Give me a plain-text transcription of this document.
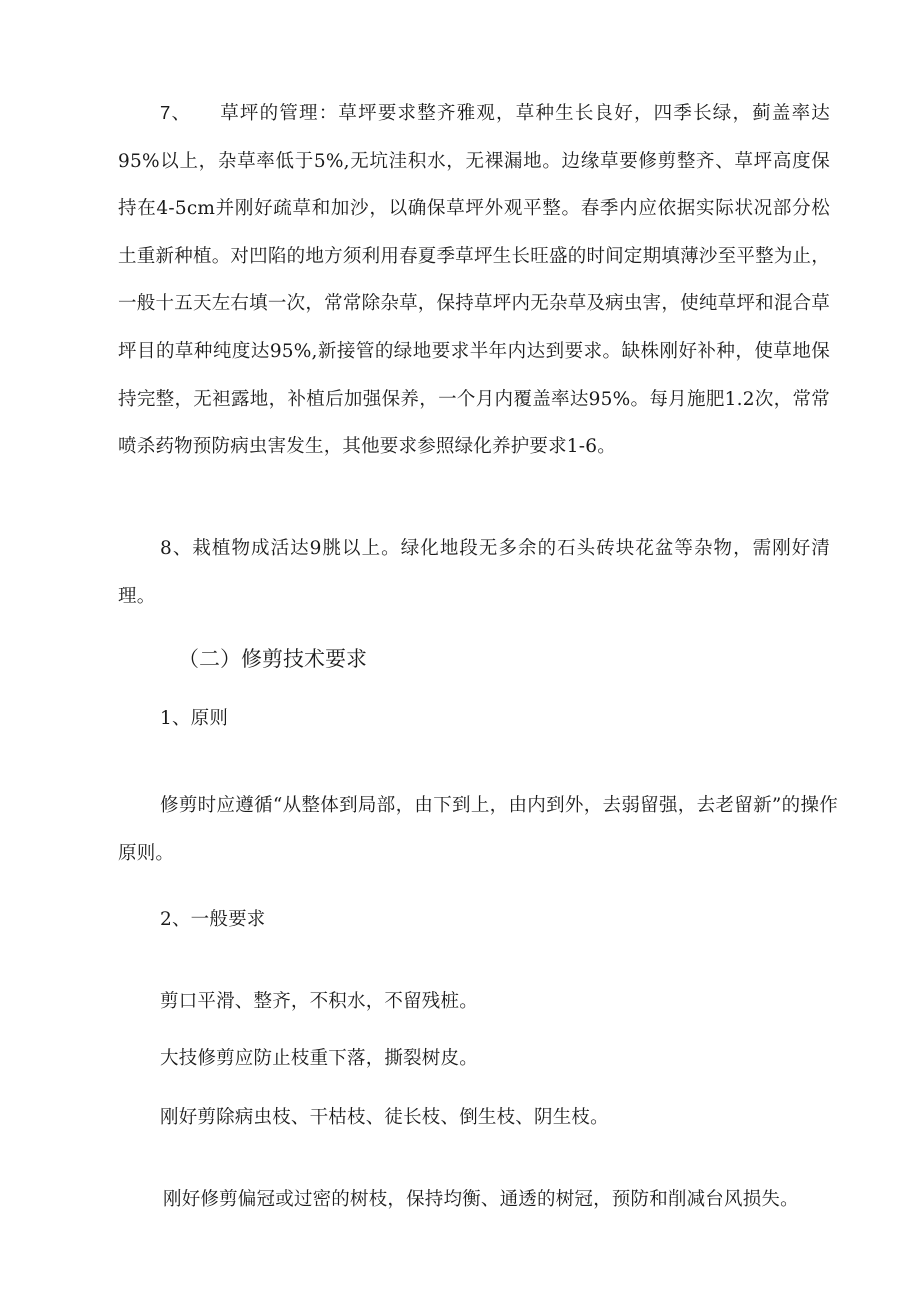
7、 草坪的管理：草坪要求整齐雅观，草种生长良好，四季长绿，蓟盖率达95%以上，杂草率低于5%,无坑洼积水，无裸漏地。边缘草要修剪整齐、草坪高度保持在4-5cm并刚好疏草和加沙，以确保草坪外观平整。春季内应依据实际状况部分松土重新种植。对凹陷的地方须利用春夏季草坪生长旺盛的时间定期填薄沙至平整为止，一般十五天左右填一次，常常除杂草，保持草坪内无杂草及病虫害，使纯草坪和混合草坪目的草种纯度达95%,新接管的绿地要求半年内达到要求。缺株刚好补种，使草地保持完整，无袒露地，补植后加强保养，一个月内覆盖率达95%。每月施肥1.2次，常常喷杀药物预防病虫害发生，其他要求参照绿化养护要求1-6。

8、栽植物成活达9朓以上。绿化地段无多余的石头砖块花盆等杂物，需刚好清理。

（二）修剪技术要求

1、原则

修剪时应遵循“从整体到局部，由下到上，由内到外，去弱留强，去老留新”的操作原则。

2、一般要求

剪口平滑、整齐，不积水，不留残桩。

大技修剪应防止枝重下落，撕裂树皮。

刚好剪除病虫枝、干枯枝、徒长枝、倒生枝、阴生枝。

刚好修剪偏冠或过密的树枝，保持均衡、通透的树冠，预防和削减台风损失。
